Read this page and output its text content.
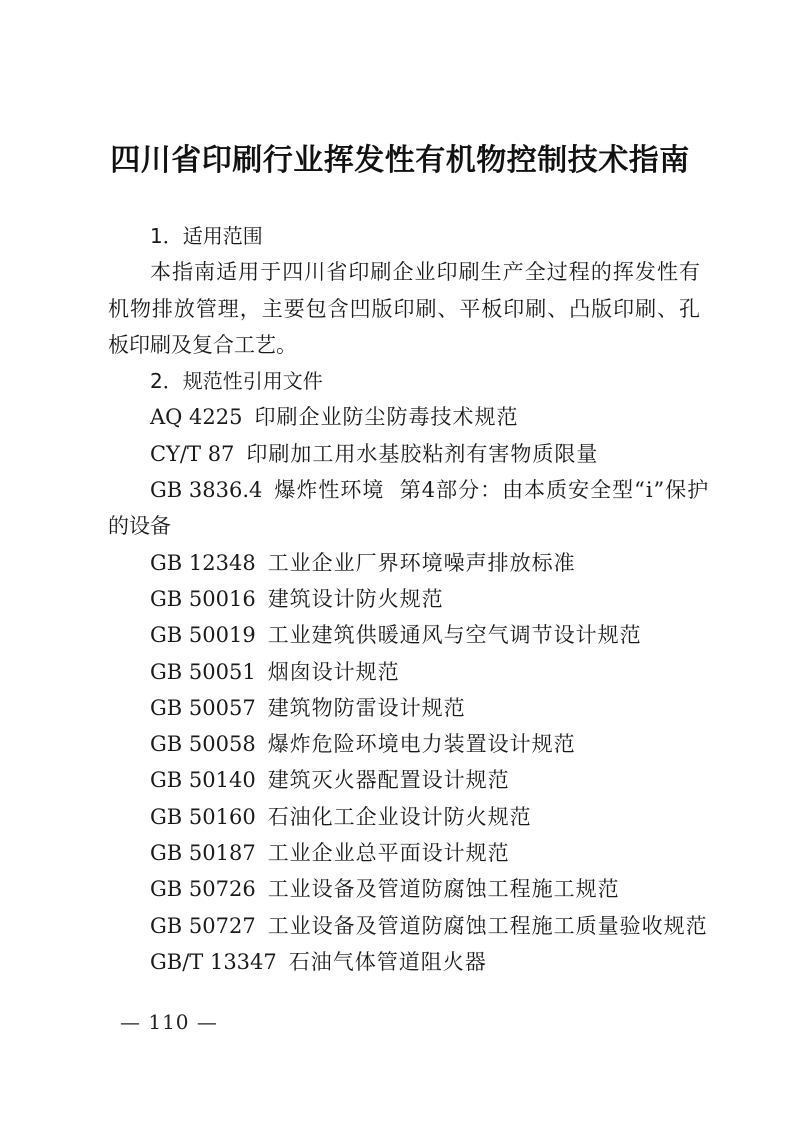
四川省印刷行业挥发性有机物控制技术指南
1．适用范围
本指南适用于四川省印刷企业印刷生产全过程的挥发性有
机物排放管理，主要包含凹版印刷、平板印刷、凸版印刷、孔
板印刷及复合工艺。
2．规范性引用文件
AQ 4225 印刷企业防尘防毒技术规范
CY/T 87 印刷加工用水基胶粘剂有害物质限量
GB 3836.4 爆炸性环境  第4部分：由本质安全型“i”保护
的设备
GB 12348 工业企业厂界环境噪声排放标准
GB 50016 建筑设计防火规范
GB 50019 工业建筑供暖通风与空气调节设计规范
GB 50051 烟囱设计规范
GB 50057 建筑物防雷设计规范
GB 50058 爆炸危险环境电力装置设计规范
GB 50140 建筑灭火器配置设计规范
GB 50160 石油化工企业设计防火规范
GB 50187 工业企业总平面设计规范
GB 50726 工业设备及管道防腐蚀工程施工规范
GB 50727 工业设备及管道防腐蚀工程施工质量验收规范
GB/T 13347 石油气体管道阻火器
— 110 —
